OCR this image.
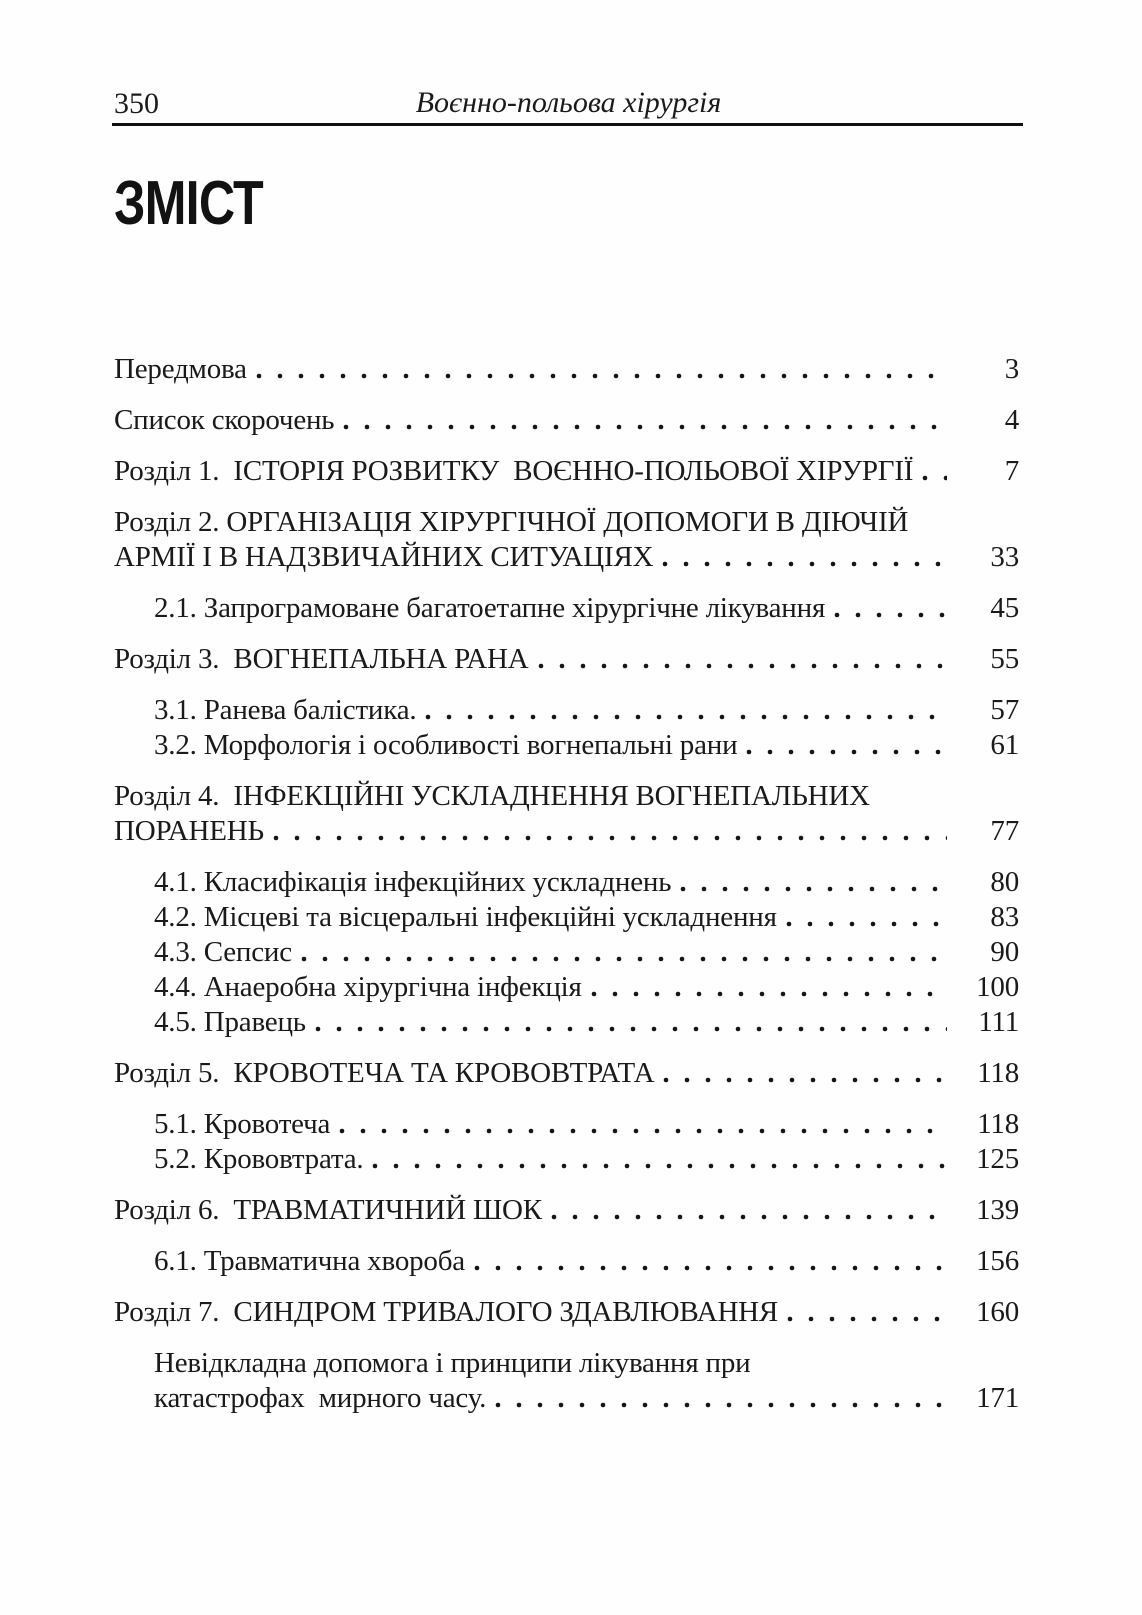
350	Воєнно-польова хірургія
ЗМІСТ
Передмова	3
Список скорочень	4
Розділ 1.  ІСТОРІЯ РОЗВИТКУ  ВОЄННО-ПОЛЬОВОЇ ХІРУРГІЇ	7
Розділ 2. ОРГАНІЗАЦІЯ ХІРУРГІЧНОЇ ДОПОМОГИ В ДІЮЧІЙ
АРМІЇ І В НАДЗВИЧАЙНИХ СИТУАЦІЯХ	33
2.1. Запрограмоване багатоетапне хірургічне лікування	45
Розділ 3.  ВОГНЕПАЛЬНА РАНА	55
3.1. Ранева балістика.	57
3.2. Морфологія і особливості вогнепальні рани	61
Розділ 4.  ІНФЕКЦІЙНІ УСКЛАДНЕННЯ ВОГНЕПАЛЬНИХ
ПОРАНЕНЬ	77
4.1. Класифікація інфекційних ускладнень	80
4.2. Місцеві та вісцеральні інфекційні ускладнення	83
4.3. Сепсис	90
4.4. Анаеробна хірургічна інфекція	100
4.5. Правець	111
Розділ 5.  КРОВОТЕЧА ТА КРОВОВТРАТА	118
5.1. Кровотеча	118
5.2. Крововтрата.	125
Розділ 6.  ТРАВМАТИЧНИЙ ШОК	139
6.1. Травматична хвороба	156
Розділ 7.  СИНДРОМ ТРИВАЛОГО ЗДАВЛЮВАННЯ	160
Невідкладна допомога і принципи лікування при
катастрофах  мирного часу.	171
